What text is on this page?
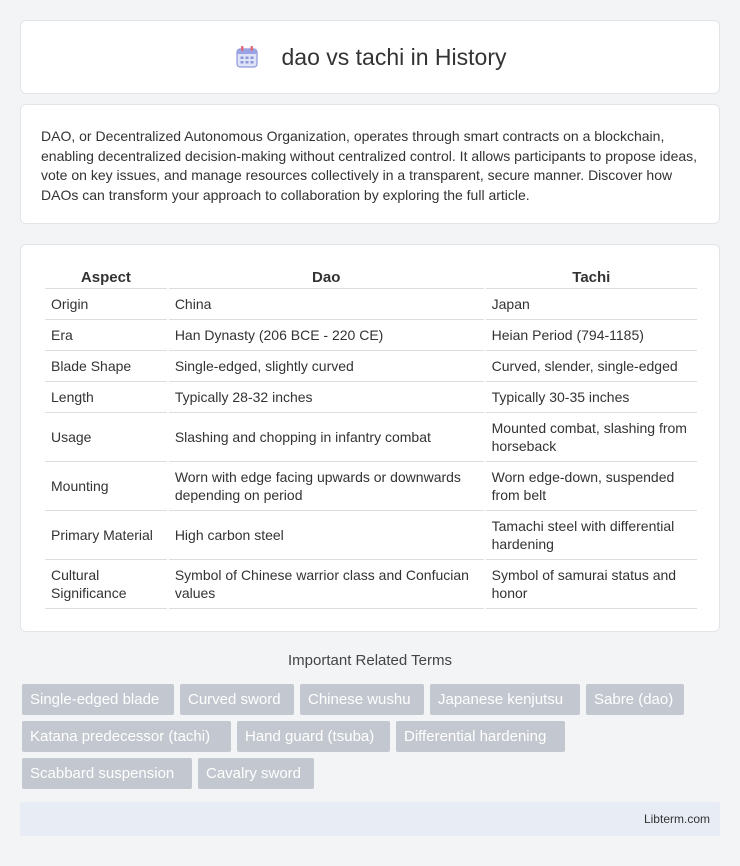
dao vs tachi in History

DAO, or Decentralized Autonomous Organization, operates through smart contracts on a blockchain, enabling decentralized decision-making without centralized control. It allows participants to propose ideas, vote on key issues, and manage resources collectively in a transparent, secure manner. Discover how DAOs can transform your approach to collaboration by exploring the full article.

Aspect	Dao	Tachi
Origin	China	Japan
Era	Han Dynasty (206 BCE - 220 CE)	Heian Period (794-1185)
Blade Shape	Single-edged, slightly curved	Curved, slender, single-edged
Length	Typically 28-32 inches	Typically 30-35 inches
Usage	Slashing and chopping in infantry combat	Mounted combat, slashing from horseback
Mounting	Worn with edge facing upwards or downwards depending on period	Worn edge-down, suspended from belt
Primary Material	High carbon steel	Tamachi steel with differential hardening
Cultural Significance	Symbol of Chinese warrior class and Confucian values	Symbol of samurai status and honor
Important Related Terms
Single-edged blade	Curved sword	Chinese wushu	Japanese kenjutsu	Sabre (dao)
Katana predecessor (tachi)	Hand guard (tsuba)	Differential hardening
Scabbard suspension	Cavalry sword
Libterm.com
